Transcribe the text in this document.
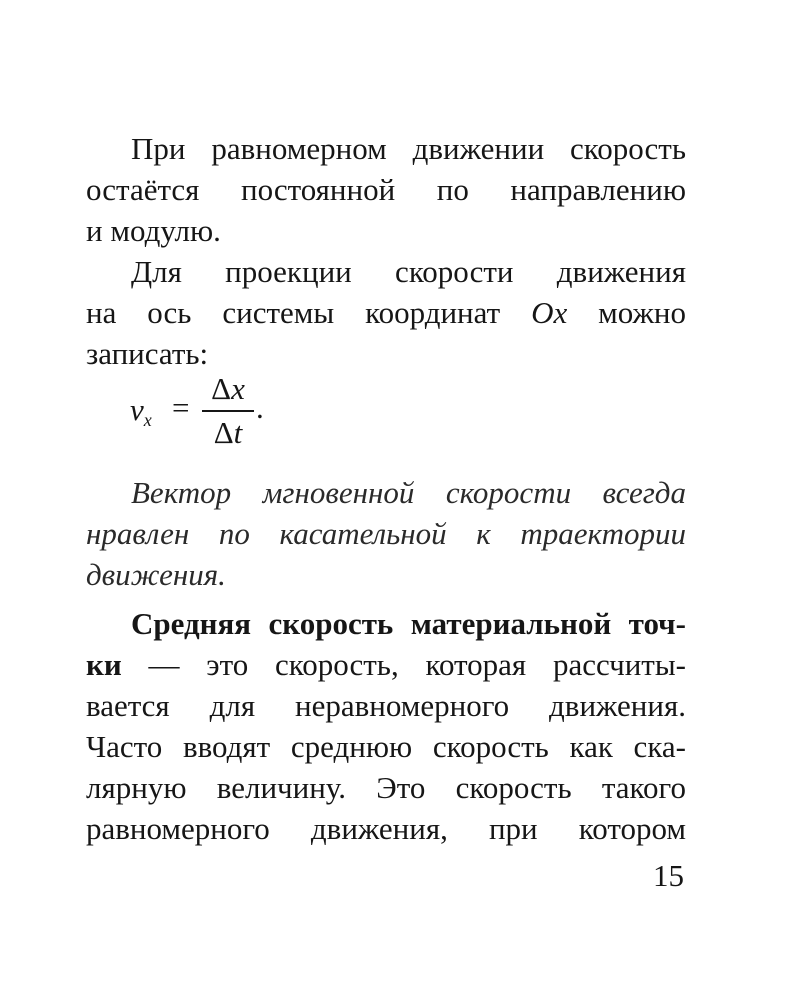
При равномерном движении скорость
остаётся постоянной по направлению
и модулю.

Для проекции скорости движения
на ось системы координат Ox можно
записать:

$v_x$ =
Δx
Δt
.

Вектор мгновенной скорости всегда
нравлен по касательной к траектории
движения.

Средняя скорость материальной точ-
ки — это скорость, которая рассчиты-
вается для неравномерного движения.
Часто вводят среднюю скорость как ска-
лярную величину. Это скорость такого
равномерного движения, при котором

15
